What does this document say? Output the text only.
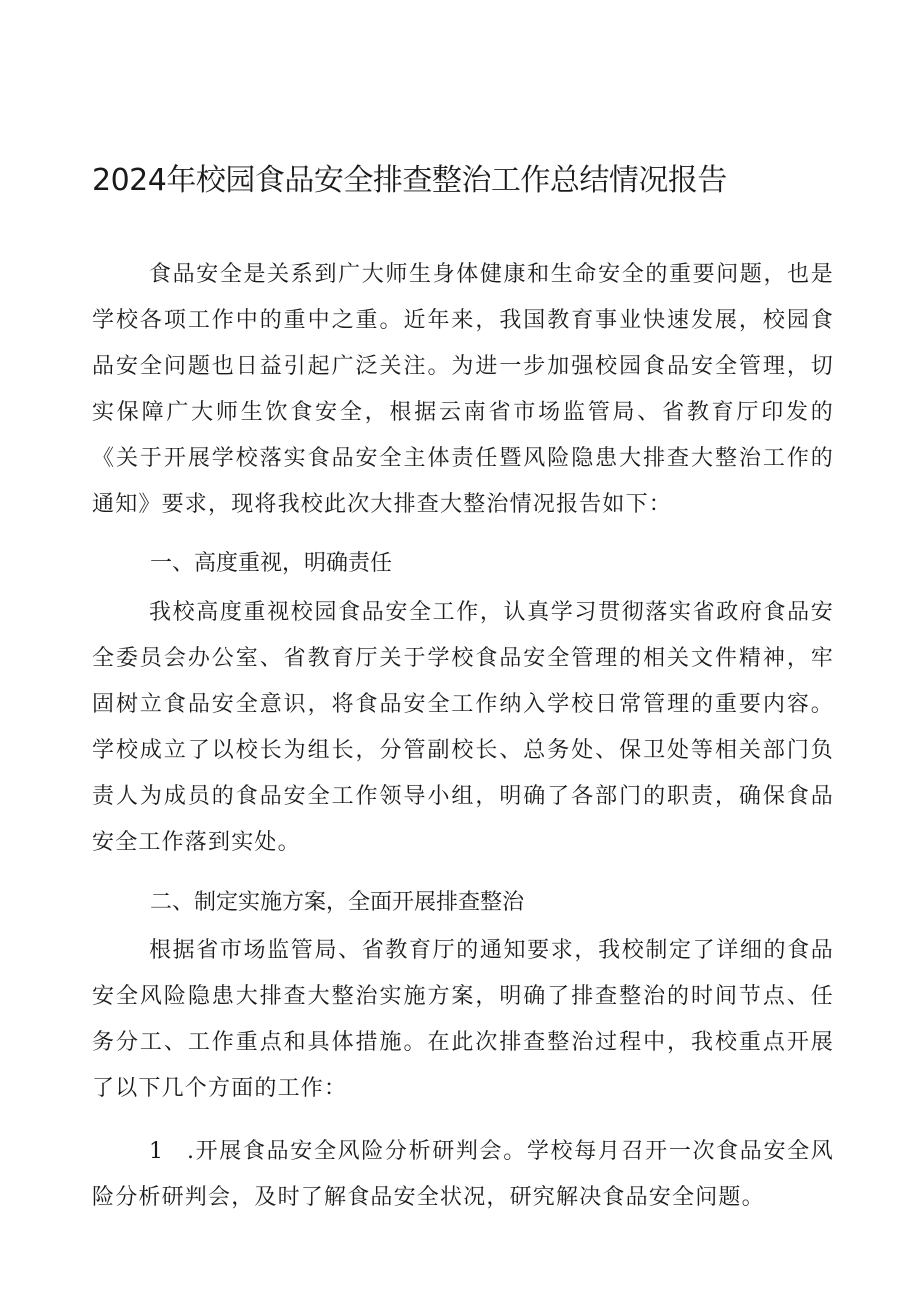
2024年校园食品安全排查整治工作总结情况报告

食品安全是关系到广大师生身体健康和生命安全的重要问题，也是学校各项工作中的重中之重。近年来，我国教育事业快速发展，校园食品安全问题也日益引起广泛关注。为进一步加强校园食品安全管理，切实保障广大师生饮食安全，根据云南省市场监管局、省教育厅印发的《关于开展学校落实食品安全主体责任暨风险隐患大排查大整治工作的通知》要求，现将我校此次大排查大整治情况报告如下：

一、高度重视，明确责任

我校高度重视校园食品安全工作，认真学习贯彻落实省政府食品安全委员会办公室、省教育厅关于学校食品安全管理的相关文件精神，牢固树立食品安全意识，将食品安全工作纳入学校日常管理的重要内容。学校成立了以校长为组长，分管副校长、总务处、保卫处等相关部门负责人为成员的食品安全工作领导小组，明确了各部门的职责，确保食品安全工作落到实处。

二、制定实施方案，全面开展排查整治

根据省市场监管局、省教育厅的通知要求，我校制定了详细的食品安全风险隐患大排查大整治实施方案，明确了排查整治的时间节点、任务分工、工作重点和具体措施。在此次排查整治过程中，我校重点开展了以下几个方面的工作：

1 .开展食品安全风险分析研判会。学校每月召开一次食品安全风险分析研判会，及时了解食品安全状况，研究解决食品安全问题。
